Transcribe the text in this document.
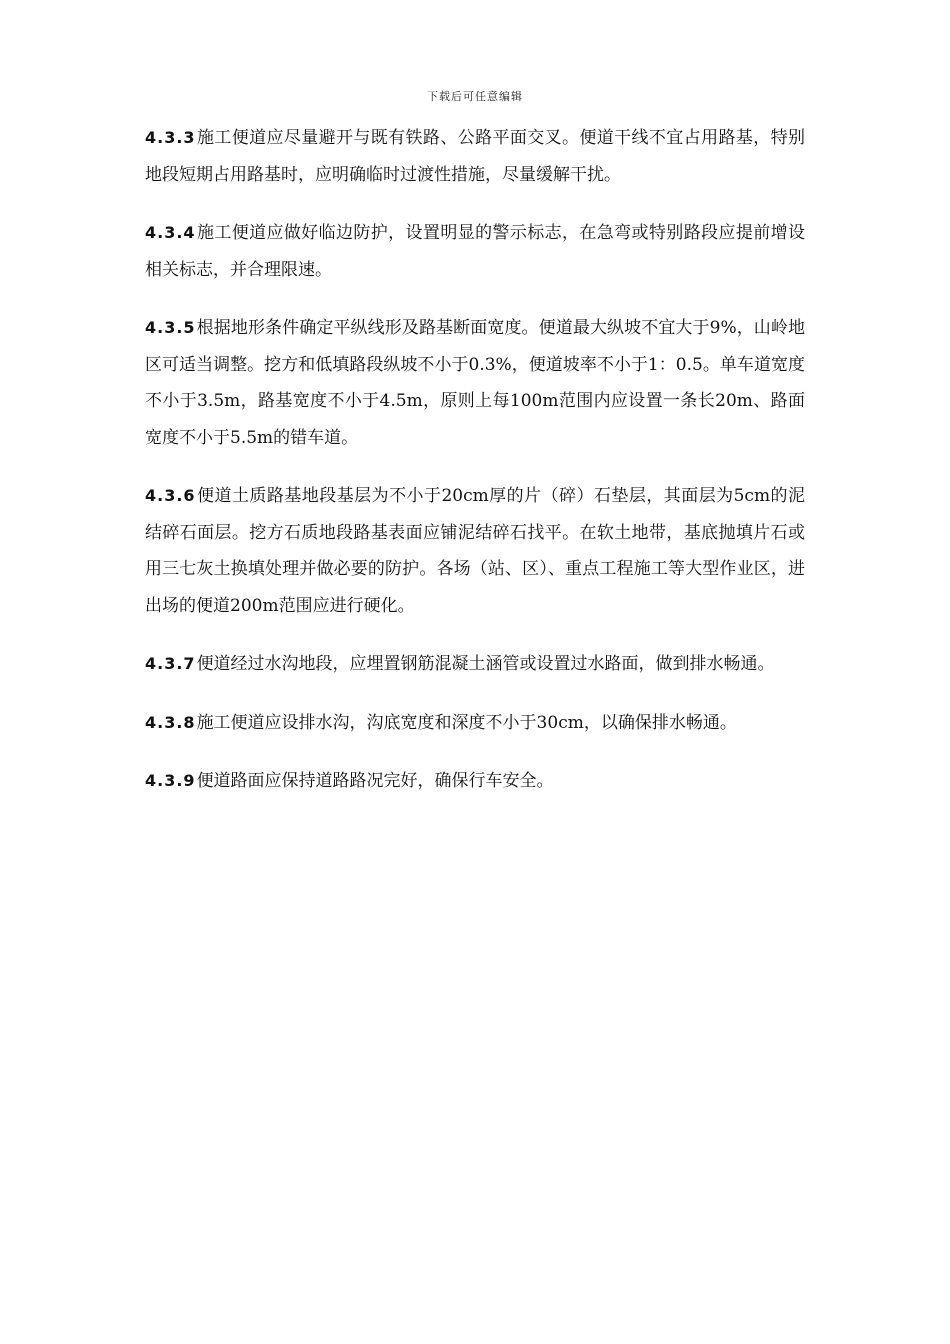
下载后可任意编辑

4.3.3施工便道应尽量避开与既有铁路、公路平面交叉。便道干线不宜占用路基，特别地段短期占用路基时，应明确临时过渡性措施，尽量缓解干扰。

4.3.4施工便道应做好临边防护，设置明显的警示标志，在急弯或特别路段应提前增设相关标志，并合理限速。

4.3.5根据地形条件确定平纵线形及路基断面宽度。便道最大纵坡不宜大于9%，山岭地区可适当调整。挖方和低填路段纵坡不小于0.3%，便道坡率不小于1：0.5。单车道宽度不小于3.5m，路基宽度不小于4.5m，原则上每100m范围内应设置一条长20m、路面宽度不小于5.5m的错车道。

4.3.6便道土质路基地段基层为不小于20cm厚的片（碎）石垫层，其面层为5cm的泥结碎石面层。挖方石质地段路基表面应铺泥结碎石找平。在软土地带，基底抛填片石或用三七灰土换填处理并做必要的防护。各场（站、区）、重点工程施工等大型作业区，进出场的便道200m范围应进行硬化。

4.3.7便道经过水沟地段，应埋置钢筋混凝土涵管或设置过水路面，做到排水畅通。

4.3.8施工便道应设排水沟，沟底宽度和深度不小于30cm，以确保排水畅通。

4.3.9便道路面应保持道路路况完好，确保行车安全。
